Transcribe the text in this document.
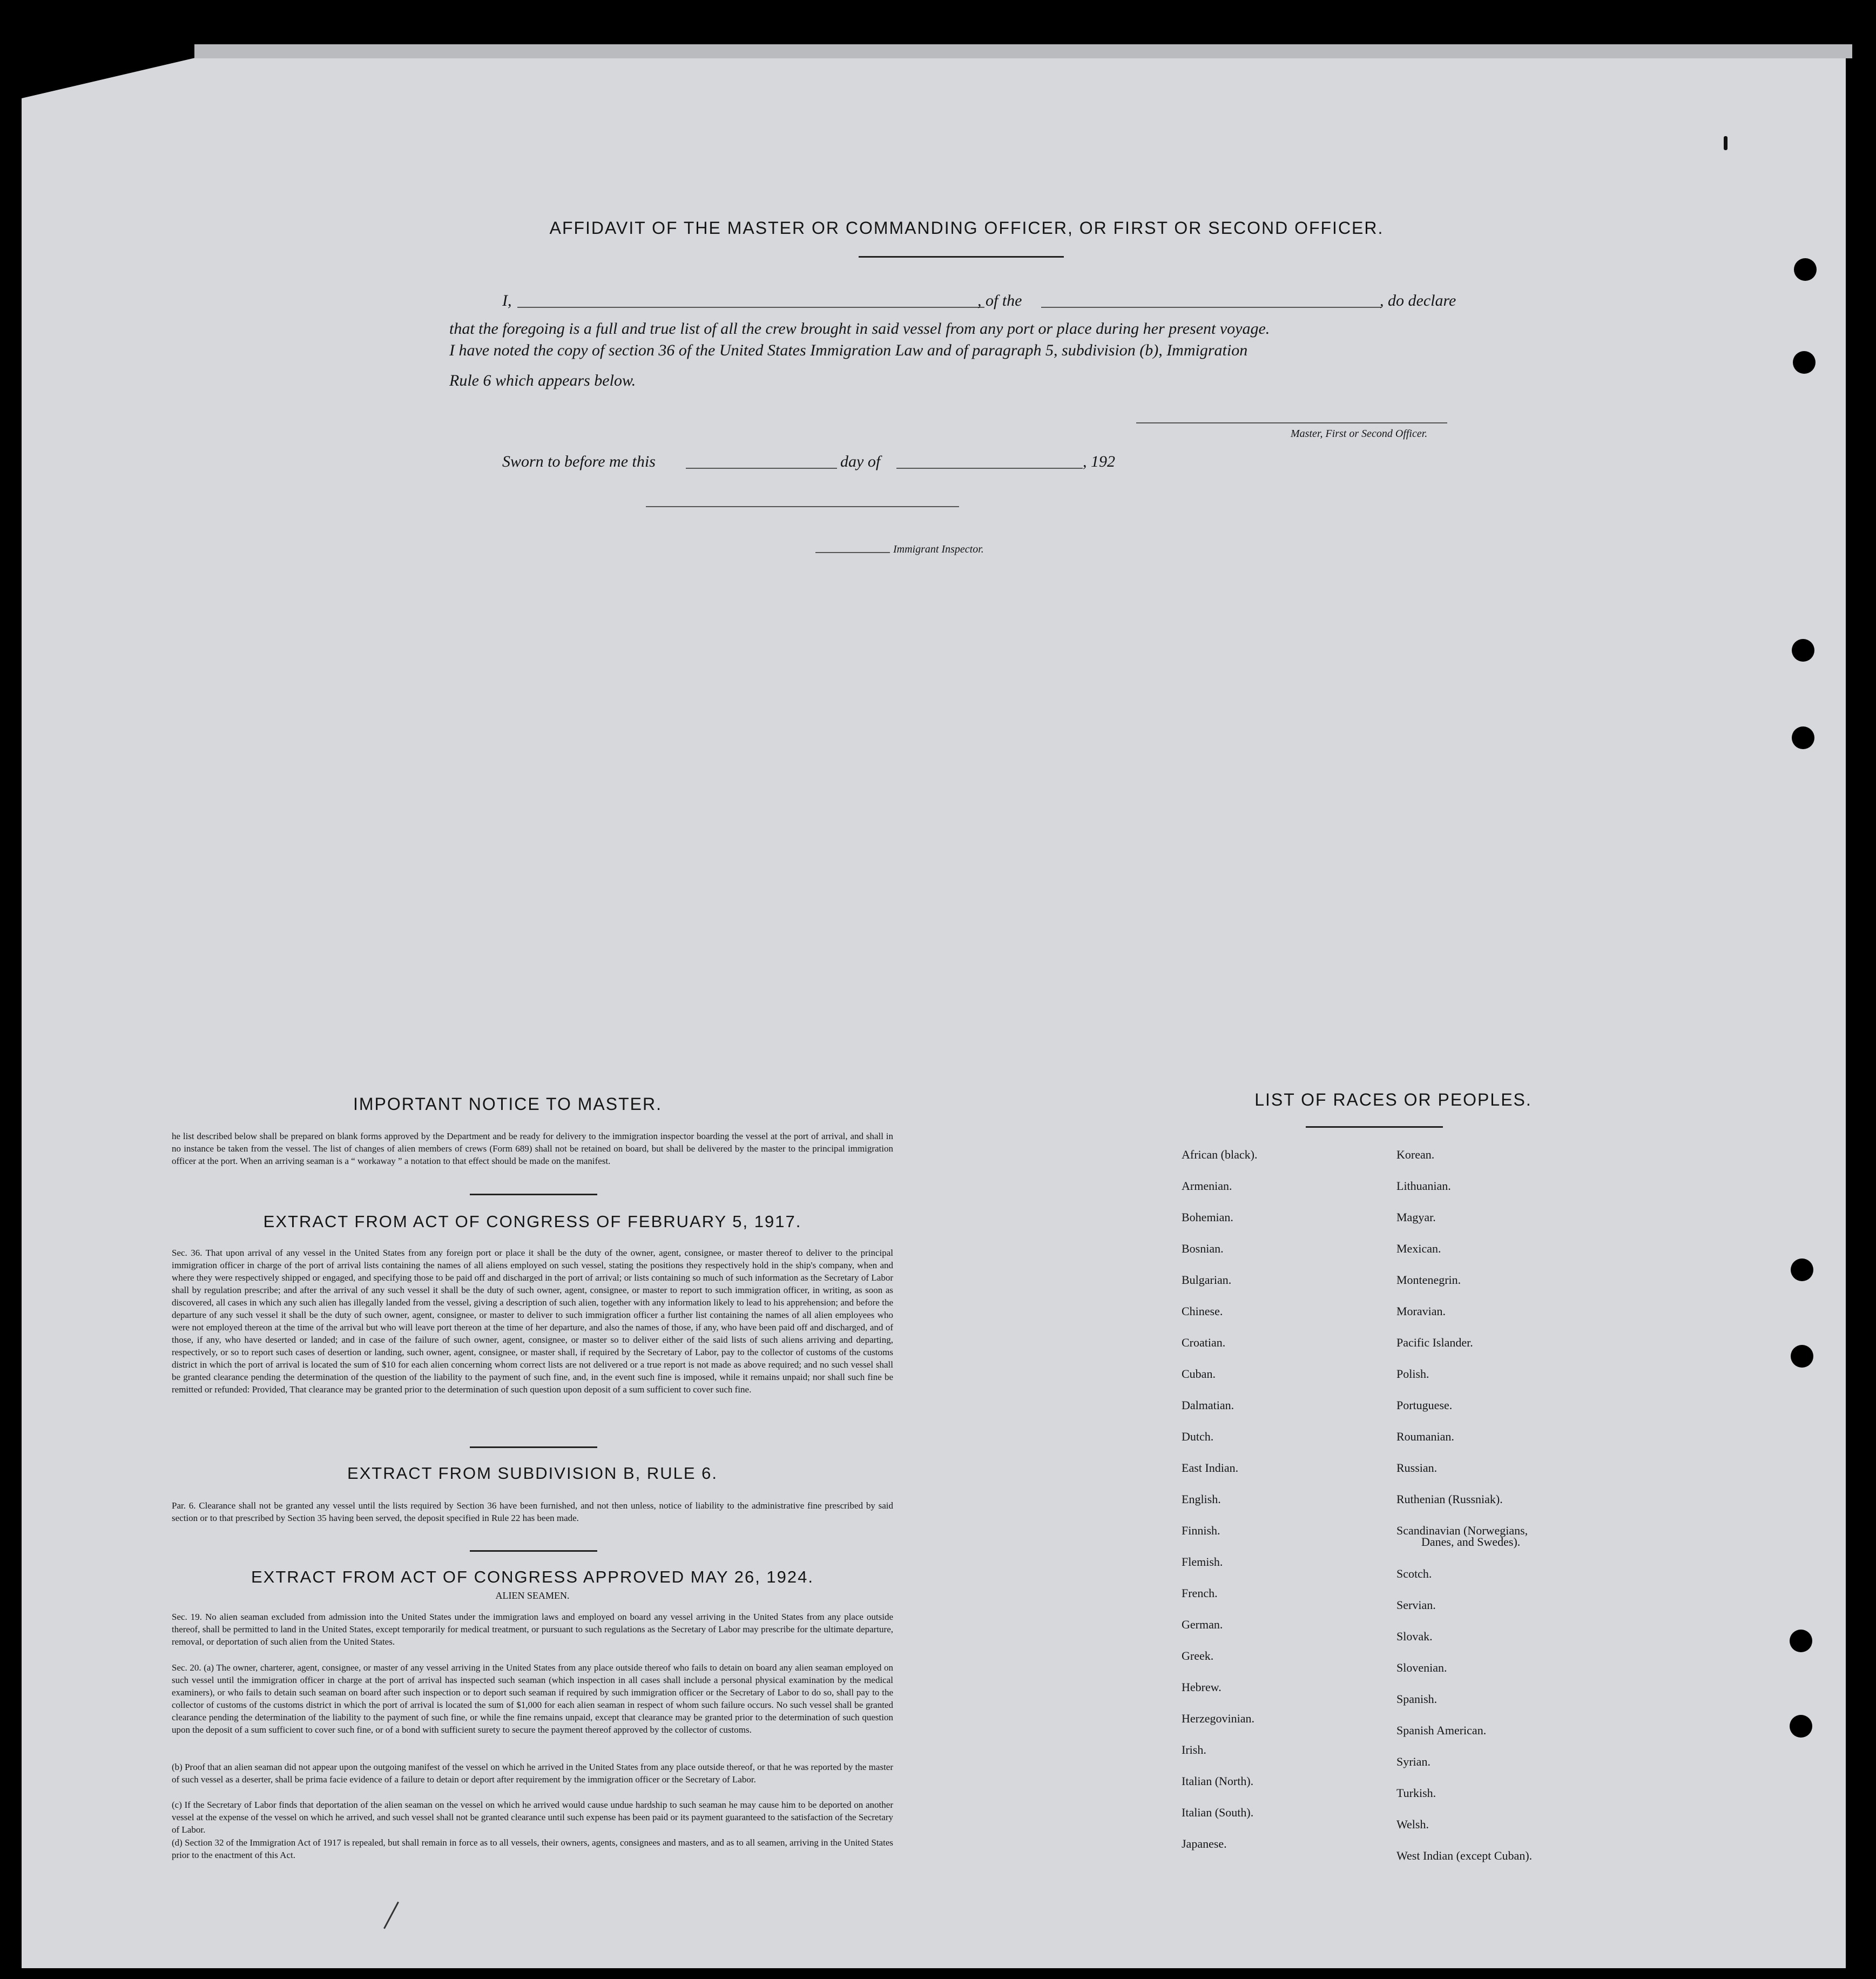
AFFIDAVIT OF THE MASTER OR COMMANDING OFFICER, OR FIRST OR SECOND OFFICER.
I,	, of the	, do declare
that the foregoing is a full and true list of all the crew brought in said vessel from any port or place during her present voyage.
I have noted the copy of section 36 of the United States Immigration Law and of paragraph 5, subdivision (b), Immigration
Rule 6 which appears below.
Master, First or Second Officer.
Sworn to before me this	day of	, 192
Immigrant Inspector.
IMPORTANT NOTICE TO MASTER.
he list described below shall be prepared on blank forms approved by the Department and be ready for delivery to the immigration inspector boarding the vessel at the port of arrival, and shall in no instance be taken from the vessel. The list of changes of alien members of crews (Form 689) shall not be retained on board, but shall be delivered by the master to the principal immigration officer at the port. When an arriving seaman is a “ workaway ” a notation to that effect should be made on the manifest.
EXTRACT FROM ACT OF CONGRESS OF FEBRUARY 5, 1917.
Sec. 36. That upon arrival of any vessel in the United States from any foreign port or place it shall be the duty of the owner, agent, consignee, or master thereof to deliver to the principal immigration officer in charge of the port of arrival lists containing the names of all aliens employed on such vessel, stating the positions they respectively hold in the ship's company, when and where they were respectively shipped or engaged, and specifying those to be paid off and discharged in the port of arrival; or lists containing so much of such information as the Secretary of Labor shall by regulation prescribe; and after the arrival of any such vessel it shall be the duty of such owner, agent, consignee, or master to report to such immigration officer, in writing, as soon as discovered, all cases in which any such alien has illegally landed from the vessel, giving a description of such alien, together with any information likely to lead to his apprehension; and before the departure of any such vessel it shall be the duty of such owner, agent, consignee, or master to deliver to such immigration officer a further list containing the names of all alien employees who were not employed thereon at the time of the arrival but who will leave port thereon at the time of her departure, and also the names of those, if any, who have been paid off and discharged, and of those, if any, who have deserted or landed; and in case of the failure of such owner, agent, consignee, or master so to deliver either of the said lists of such aliens arriving and departing, respectively, or so to report such cases of desertion or landing, such owner, agent, consignee, or master shall, if required by the Secretary of Labor, pay to the collector of customs of the customs district in which the port of arrival is located the sum of $10 for each alien concerning whom correct lists are not delivered or a true report is not made as above required; and no such vessel shall be granted clearance pending the determination of the question of the liability to the payment of such fine, and, in the event such fine is imposed, while it remains unpaid; nor shall such fine be remitted or refunded: Provided, That clearance may be granted prior to the determination of such question upon deposit of a sum sufficient to cover such fine.
EXTRACT FROM SUBDIVISION B, RULE 6.
Par. 6. Clearance shall not be granted any vessel until the lists required by Section 36 have been furnished, and not then unless, notice of liability to the administrative fine prescribed by said section or to that prescribed by Section 35 having been served, the deposit specified in Rule 22 has been made.
EXTRACT FROM ACT OF CONGRESS APPROVED MAY 26, 1924.
ALIEN SEAMEN.
Sec. 19. No alien seaman excluded from admission into the United States under the immigration laws and employed on board any vessel arriving in the United States from any place outside thereof, shall be permitted to land in the United States, except temporarily for medical treatment, or pursuant to such regulations as the Secretary of Labor may prescribe for the ultimate departure, removal, or deportation of such alien from the United States.
Sec. 20. (a) The owner, charterer, agent, consignee, or master of any vessel arriving in the United States from any place outside thereof who fails to detain on board any alien seaman employed on such vessel until the immigration officer in charge at the port of arrival has inspected such seaman (which inspection in all cases shall include a personal physical examination by the medical examiners), or who fails to detain such seaman on board after such inspection or to deport such seaman if required by such immigration officer or the Secretary of Labor to do so, shall pay to the collector of customs of the customs district in which the port of arrival is located the sum of $1,000 for each alien seaman in respect of whom such failure occurs. No such vessel shall be granted clearance pending the determination of the liability to the payment of such fine, or while the fine remains unpaid, except that clearance may be granted prior to the determination of such question upon the deposit of a sum sufficient to cover such fine, or of a bond with sufficient surety to secure the payment thereof approved by the collector of customs.
(b) Proof that an alien seaman did not appear upon the outgoing manifest of the vessel on which he arrived in the United States from any place outside thereof, or that he was reported by the master of such vessel as a deserter, shall be prima facie evidence of a failure to detain or deport after requirement by the immigration officer or the Secretary of Labor.
(c) If the Secretary of Labor finds that deportation of the alien seaman on the vessel on which he arrived would cause undue hardship to such seaman he may cause him to be deported on another vessel at the expense of the vessel on which he arrived, and such vessel shall not be granted clearance until such expense has been paid or its payment guaranteed to the satisfaction of the Secretary of Labor.
(d) Section 32 of the Immigration Act of 1917 is repealed, but shall remain in force as to all vessels, their owners, agents, consignees and masters, and as to all seamen, arriving in the United States prior to the enactment of this Act.
LIST OF RACES OR PEOPLES.
African (black).
Armenian.
Bohemian.
Bosnian.
Bulgarian.
Chinese.
Croatian.
Cuban.
Dalmatian.
Dutch.
East Indian.
English.
Finnish.
Flemish.
French.
German.
Greek.
Hebrew.
Herzegovinian.
Irish.
Italian (North).
Italian (South).
Japanese.
Korean.
Lithuanian.
Magyar.
Mexican.
Montenegrin.
Moravian.
Pacific Islander.
Polish.
Portuguese.
Roumanian.
Russian.
Ruthenian (Russniak).
Scandinavian (Norwegians,
Scotch.
Servian.
Slovak.
Slovenian.
Spanish.
Spanish American.
Syrian.
Turkish.
Welsh.
West Indian (except Cuban).
Danes, and Swedes).
